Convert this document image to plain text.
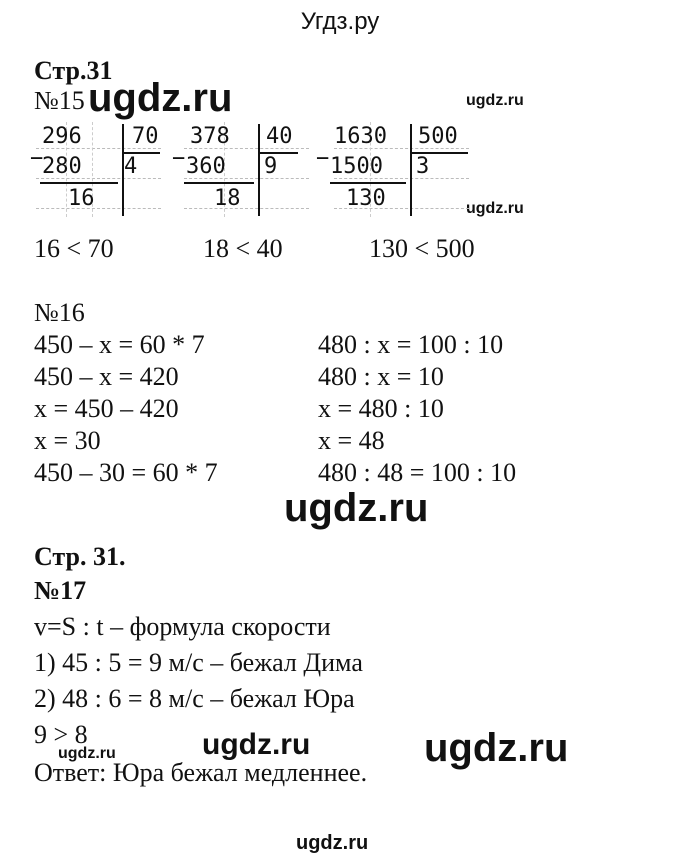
Угдз.ру
Стр.31
№15 ugdz.ru	ugdz.ru
ugdz.ru
296 70
−
280 4
16
378 40
− 360 9
18
1630 500
− 1500 3
130
16 < 70	18 < 40	130 < 500
№16
450 – x = 60 * 7
450 – x = 420
x = 450 – 420
x = 30
450 – 30 = 60 * 7
480 : x = 100 : 10
480 : x = 10
x = 480 : 10
x = 48
480 : 48 = 100 : 10
ugdz.ru
Стр. 31.
№17
v=S : t – формула скорости
1) 45 : 5 = 9 м/с – бежал Дима
2) 48 : 6 = 8 м/с – бежал Юра
9 > 8
Ответ: Юра бежал медленнее.
ugdz.ru	ugdz.ru	ugdz.ru
ugdz.ru
